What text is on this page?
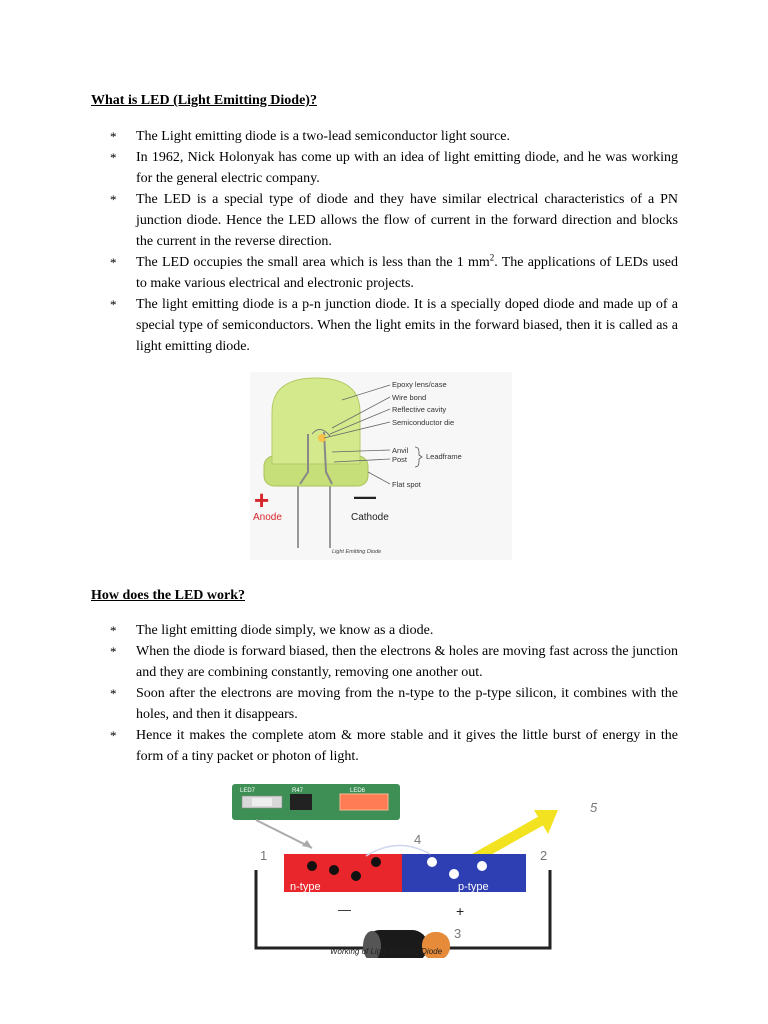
What is LED (Light Emitting Diode)?
* The Light emitting diode is a two-lead semiconductor light source.
* In 1962, Nick Holonyak has come up with an idea of light emitting diode, and he was working for the general electric company.
* The LED is a special type of diode and they have similar electrical characteristics of a PN junction diode. Hence the LED allows the flow of current in the forward direction and blocks the current in the reverse direction.
* The LED occupies the small area which is less than the 1 $mm^2$. The applications of LEDs used to make various electrical and electronic projects.
* The light emitting diode is a p-n junction diode. It is a specially doped diode and made up of a special type of semiconductors. When the light emits in the forward biased, then it is called as a light emitting diode.
Epoxy lens/case
Wire bond
Reflective cavity
Semiconductor die
Anvil
Post	Leadframe
Flat spot
+	—
Anode	Cathode
Light Emitting Diode
How does the LED work?
* The light emitting diode simply, we know as a diode.
* When the diode is forward biased, then the electrons & holes are moving fast across the junction and they are combining constantly, removing one another out.
* Soon after the electrons are moving from the n-type to the p-type silicon, it combines with the holes, and then it disappears.
* Hence it makes the complete atom & more stable and it gives the little burst of energy in the form of a tiny packet or photon of light.
LED7	R47	LED6
n-type	p-type
1	2
3
4
5
—	+
Working of Light Emitting Diode
